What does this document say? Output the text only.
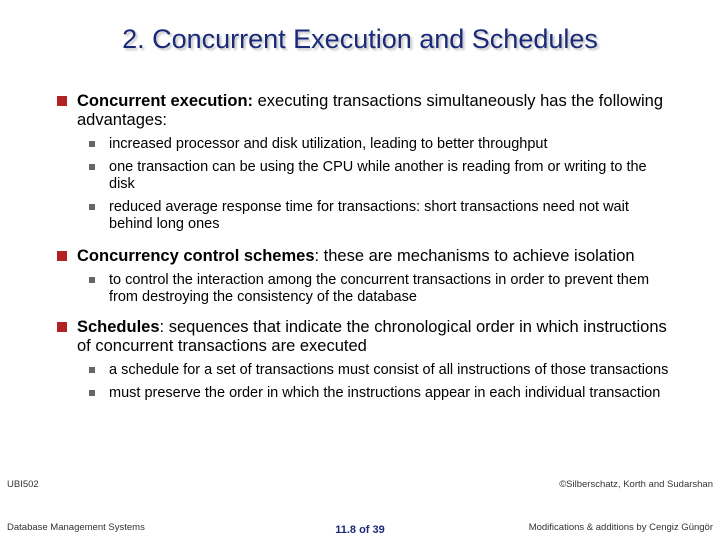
2. Concurrent Execution and Schedules
Concurrent execution: executing transactions simultaneously has the following advantages:
increased processor and disk utilization, leading to better throughput
one transaction can be using the CPU while another is reading from or writing to the disk
reduced average response time for transactions: short transactions need not wait behind long ones
Concurrency control schemes: these are mechanisms to achieve isolation
to control the interaction among the concurrent transactions in order to prevent them from destroying the consistency of the database
Schedules: sequences that indicate the chronological order in which instructions of concurrent transactions are executed
a schedule for a set of transactions must consist of all instructions of those transactions
must preserve the order in which the instructions appear in each individual transaction
UBI502
Database Management Systems	11.8 of 39
©Silberschatz, Korth and Sudarshan
Modifications & additions by Cengiz Güngör
